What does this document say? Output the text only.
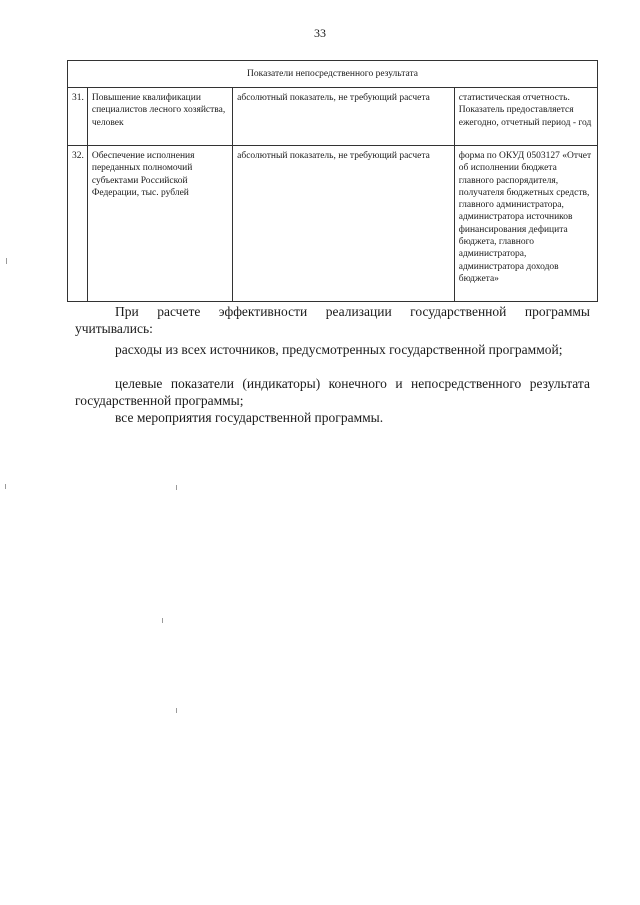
33
Показатели непосредственного результата			
31.	Повышение квалификации специалистов лесного хозяйства, человек	абсолютный показатель, не требующий расчета	статистическая отчетность. Показатель предоставляется ежегодно, отчетный период - год
32.	Обеспечение исполнения переданных полномочий субъектами Российской Федерации, тыс. рублей	абсолютный показатель, не требующий расчета	форма по ОКУД 0503127 «Отчет об исполнении бюджета главного распорядителя, получателя бюджетных средств, главного администратора, администратора источников финансирования дефицита бюджета, главного администратора, администратора доходов бюджета»

При расчете эффективности реализации государственной программы учитывались:

расходы из всех источников, предусмотренных государственной программой;

целевые показатели (индикаторы) конечного и непосредственного результата государственной программы;

все мероприятия государственной программы.
